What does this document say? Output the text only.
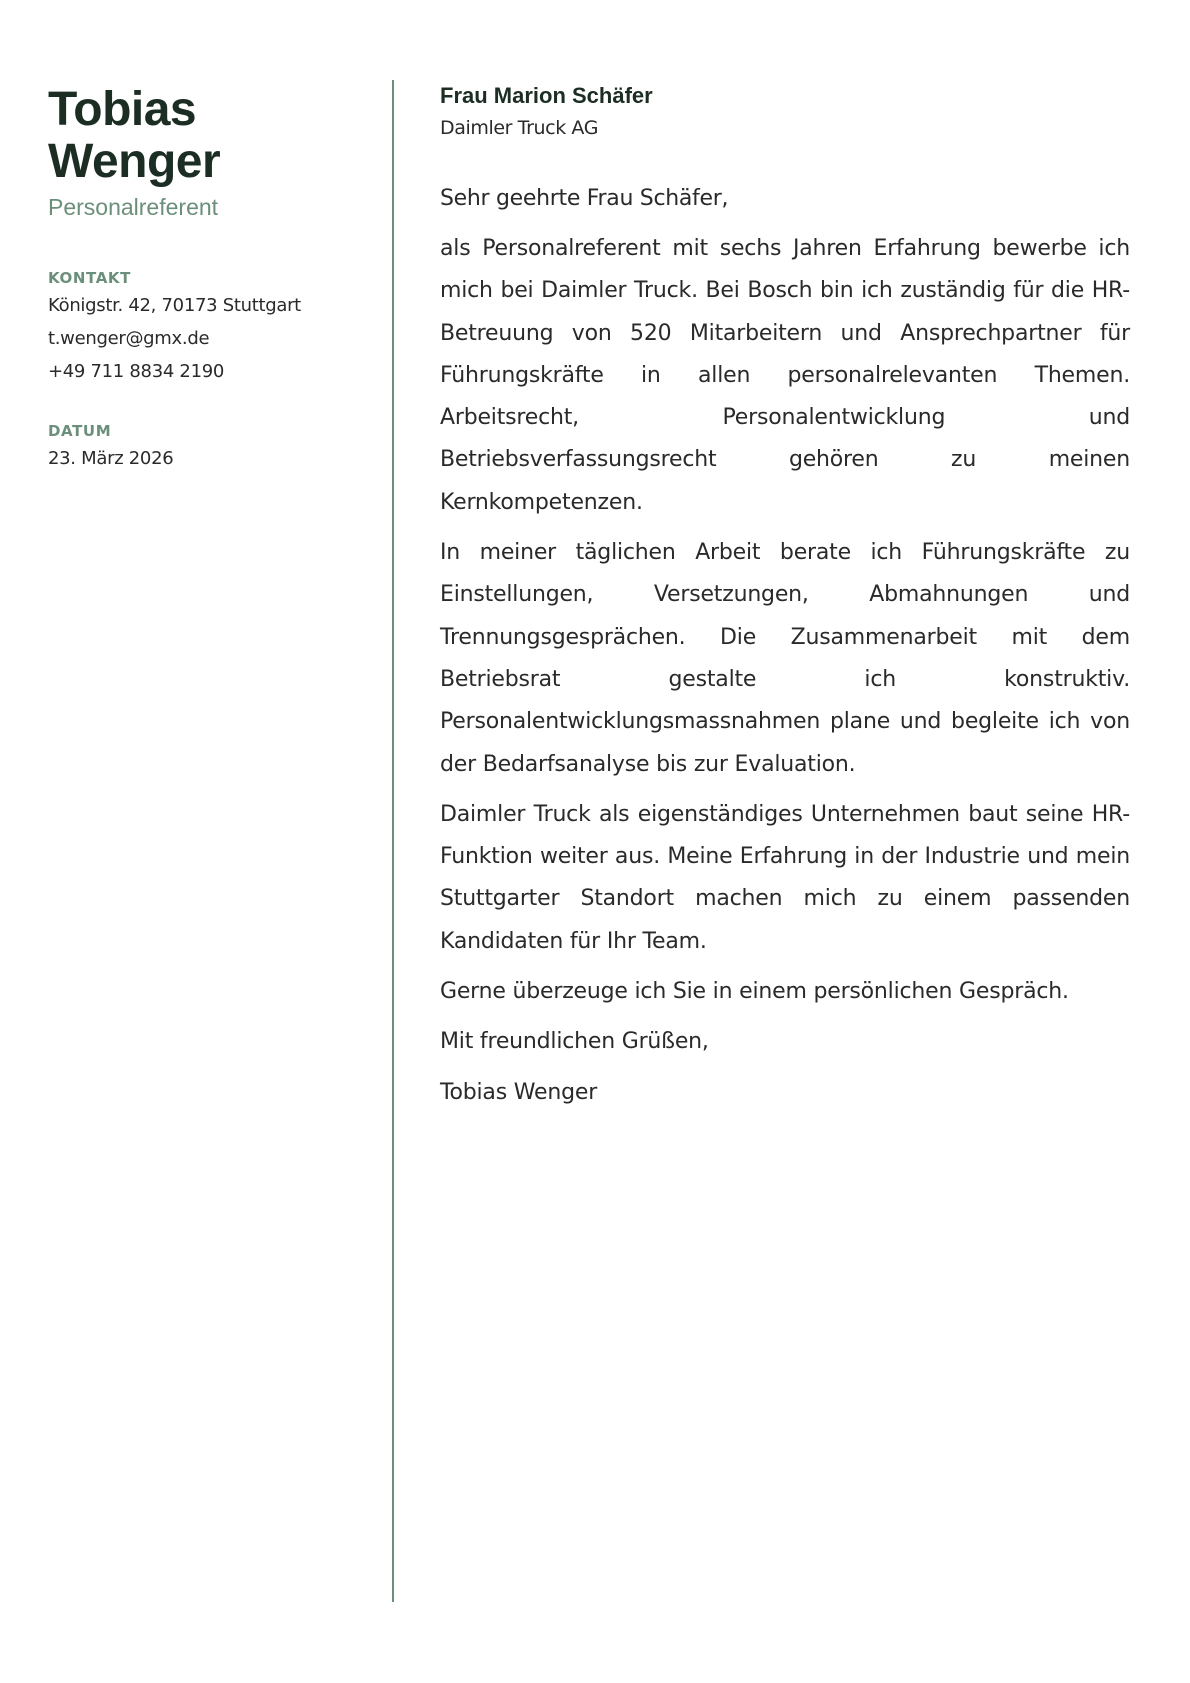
Tobias
Wenger
Personalreferent
KONTAKT
Königstr. 42, 70173 Stuttgart
t.wenger@gmx.de
+49 711 8834 2190
DATUM
23. März 2026
Frau Marion Schäfer
Daimler Truck AG
Sehr geehrte Frau Schäfer,

als Personalreferent mit sechs Jahren Erfahrung bewerbe ich mich bei Daimler Truck. Bei Bosch bin ich zuständig für die HR-Betreuung von 520 Mitarbeitern und Ansprechpartner für Führungskräfte in allen personalrelevanten Themen. Arbeitsrecht, Personalentwicklung und Betriebsverfassungsrecht gehören zu meinen Kernkompetenzen.

In meiner täglichen Arbeit berate ich Führungskräfte zu Einstellungen, Versetzungen, Abmahnungen und Trennungsgesprächen. Die Zusammenarbeit mit dem Betriebsrat gestalte ich konstruktiv. Personalentwicklungsmassnahmen plane und begleite ich von der Bedarfsanalyse bis zur Evaluation.

Daimler Truck als eigenständiges Unternehmen baut seine HR-Funktion weiter aus. Meine Erfahrung in der Industrie und mein Stuttgarter Standort machen mich zu einem passenden Kandidaten für Ihr Team.

Gerne überzeuge ich Sie in einem persönlichen Gespräch.

Mit freundlichen Grüßen,

Tobias Wenger
